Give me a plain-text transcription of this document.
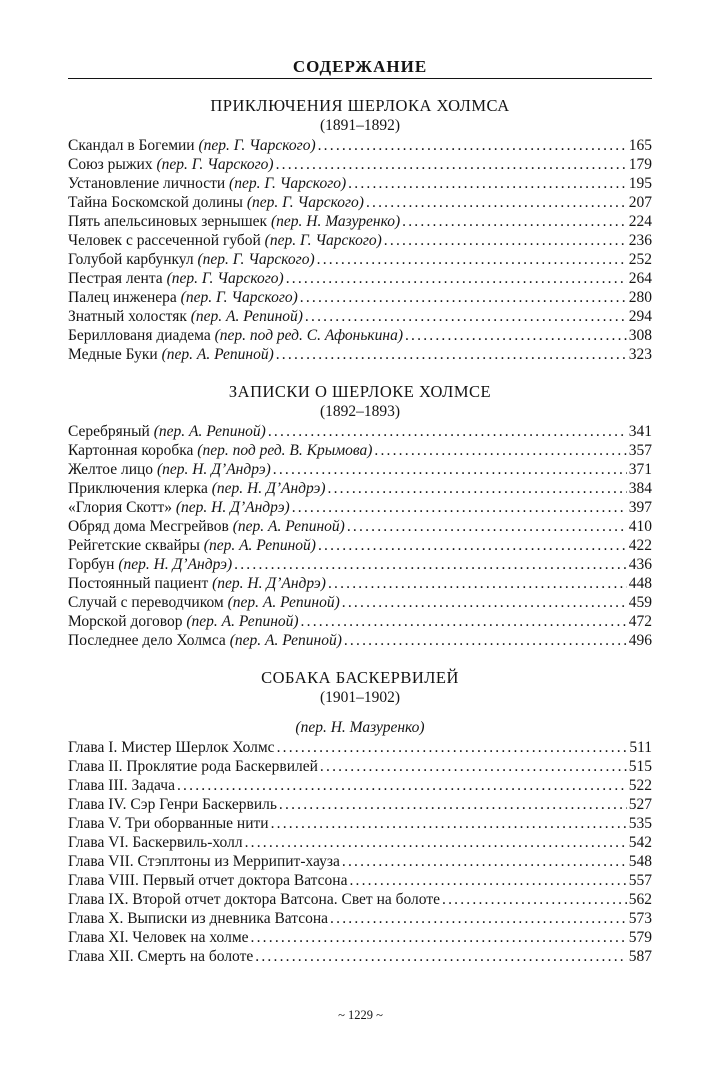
СОДЕРЖАНИЕ
ПРИКЛЮЧЕНИЯ ШЕРЛОКА ХОЛМСА
(1891–1892)
Скандал в Богемии (пер. Г. Чарского) .....	165
Союз рыжих (пер. Г. Чарского) .....	179
Установление личности (пер. Г. Чарского) .....	195
Тайна Боскомской долины (пер. Г. Чарского) .....	207
Пять апельсиновых зернышек (пер. Н. Мазуренко) .....	224
Человек с рассеченной губой (пер. Г. Чарского) .....	236
Голубой карбункул (пер. Г. Чарского) .....	252
Пестрая лента (пер. Г. Чарского) .....	264
Палец инженера (пер. Г. Чарского) .....	280
Знатный холостяк (пер. А. Репиной) .....	294
Бериллованя диадема (пер. под ред. С. Афонькина) .....	308
Медные Буки (пер. А. Репиной) .....	323
ЗАПИСКИ О ШЕРЛОКЕ ХОЛМСЕ
(1892–1893)
Серебряный (пер. А. Репиной) .....	341
Картонная коробка (пер. под ред. В. Крымова) .....	357
Желтое лицо (пер. Н. Д’Андрэ) .....	371
Приключения клерка (пер. Н. Д’Андрэ) .....	384
«Глория Скотт» (пер. Н. Д’Андрэ) .....	397
Обряд дома Месгрейвов (пер. А. Репиной) .....	410
Рейгетские сквайры (пер. А. Репиной) .....	422
Горбун (пер. Н. Д’Андрэ) .....	436
Постоянный пациент (пер. Н. Д’Андрэ) .....	448
Случай с переводчиком (пер. А. Репиной) .....	459
Морской договор (пер. А. Репиной) .....	472
Последнее дело Холмса (пер. А. Репиной) .....	496
СОБАКА БАСКЕРВИЛЕЙ
(1901–1902)
(пер. Н. Мазуренко)
Глава I. Мистер Шерлок Холмс .....	511
Глава II. Проклятие рода Баскервилей .....	515
Глава III. Задача .....	522
Глава IV. Сэр Генри Баскервиль .....	527
Глава V. Три оборванные нити .....	535
Глава VI. Баскервиль-холл .....	542
Глава VII. Стэплтоны из Меррипит-хауза .....	548
Глава VIII. Первый отчет доктора Ватсона .....	557
Глава IX. Второй отчет доктора Ватсона. Свет на болоте .....	562
Глава X. Выписки из дневника Ватсона .....	573
Глава XI. Человек на холме .....	579
Глава XII. Смерть на болоте .....	587
~ 1229 ~
